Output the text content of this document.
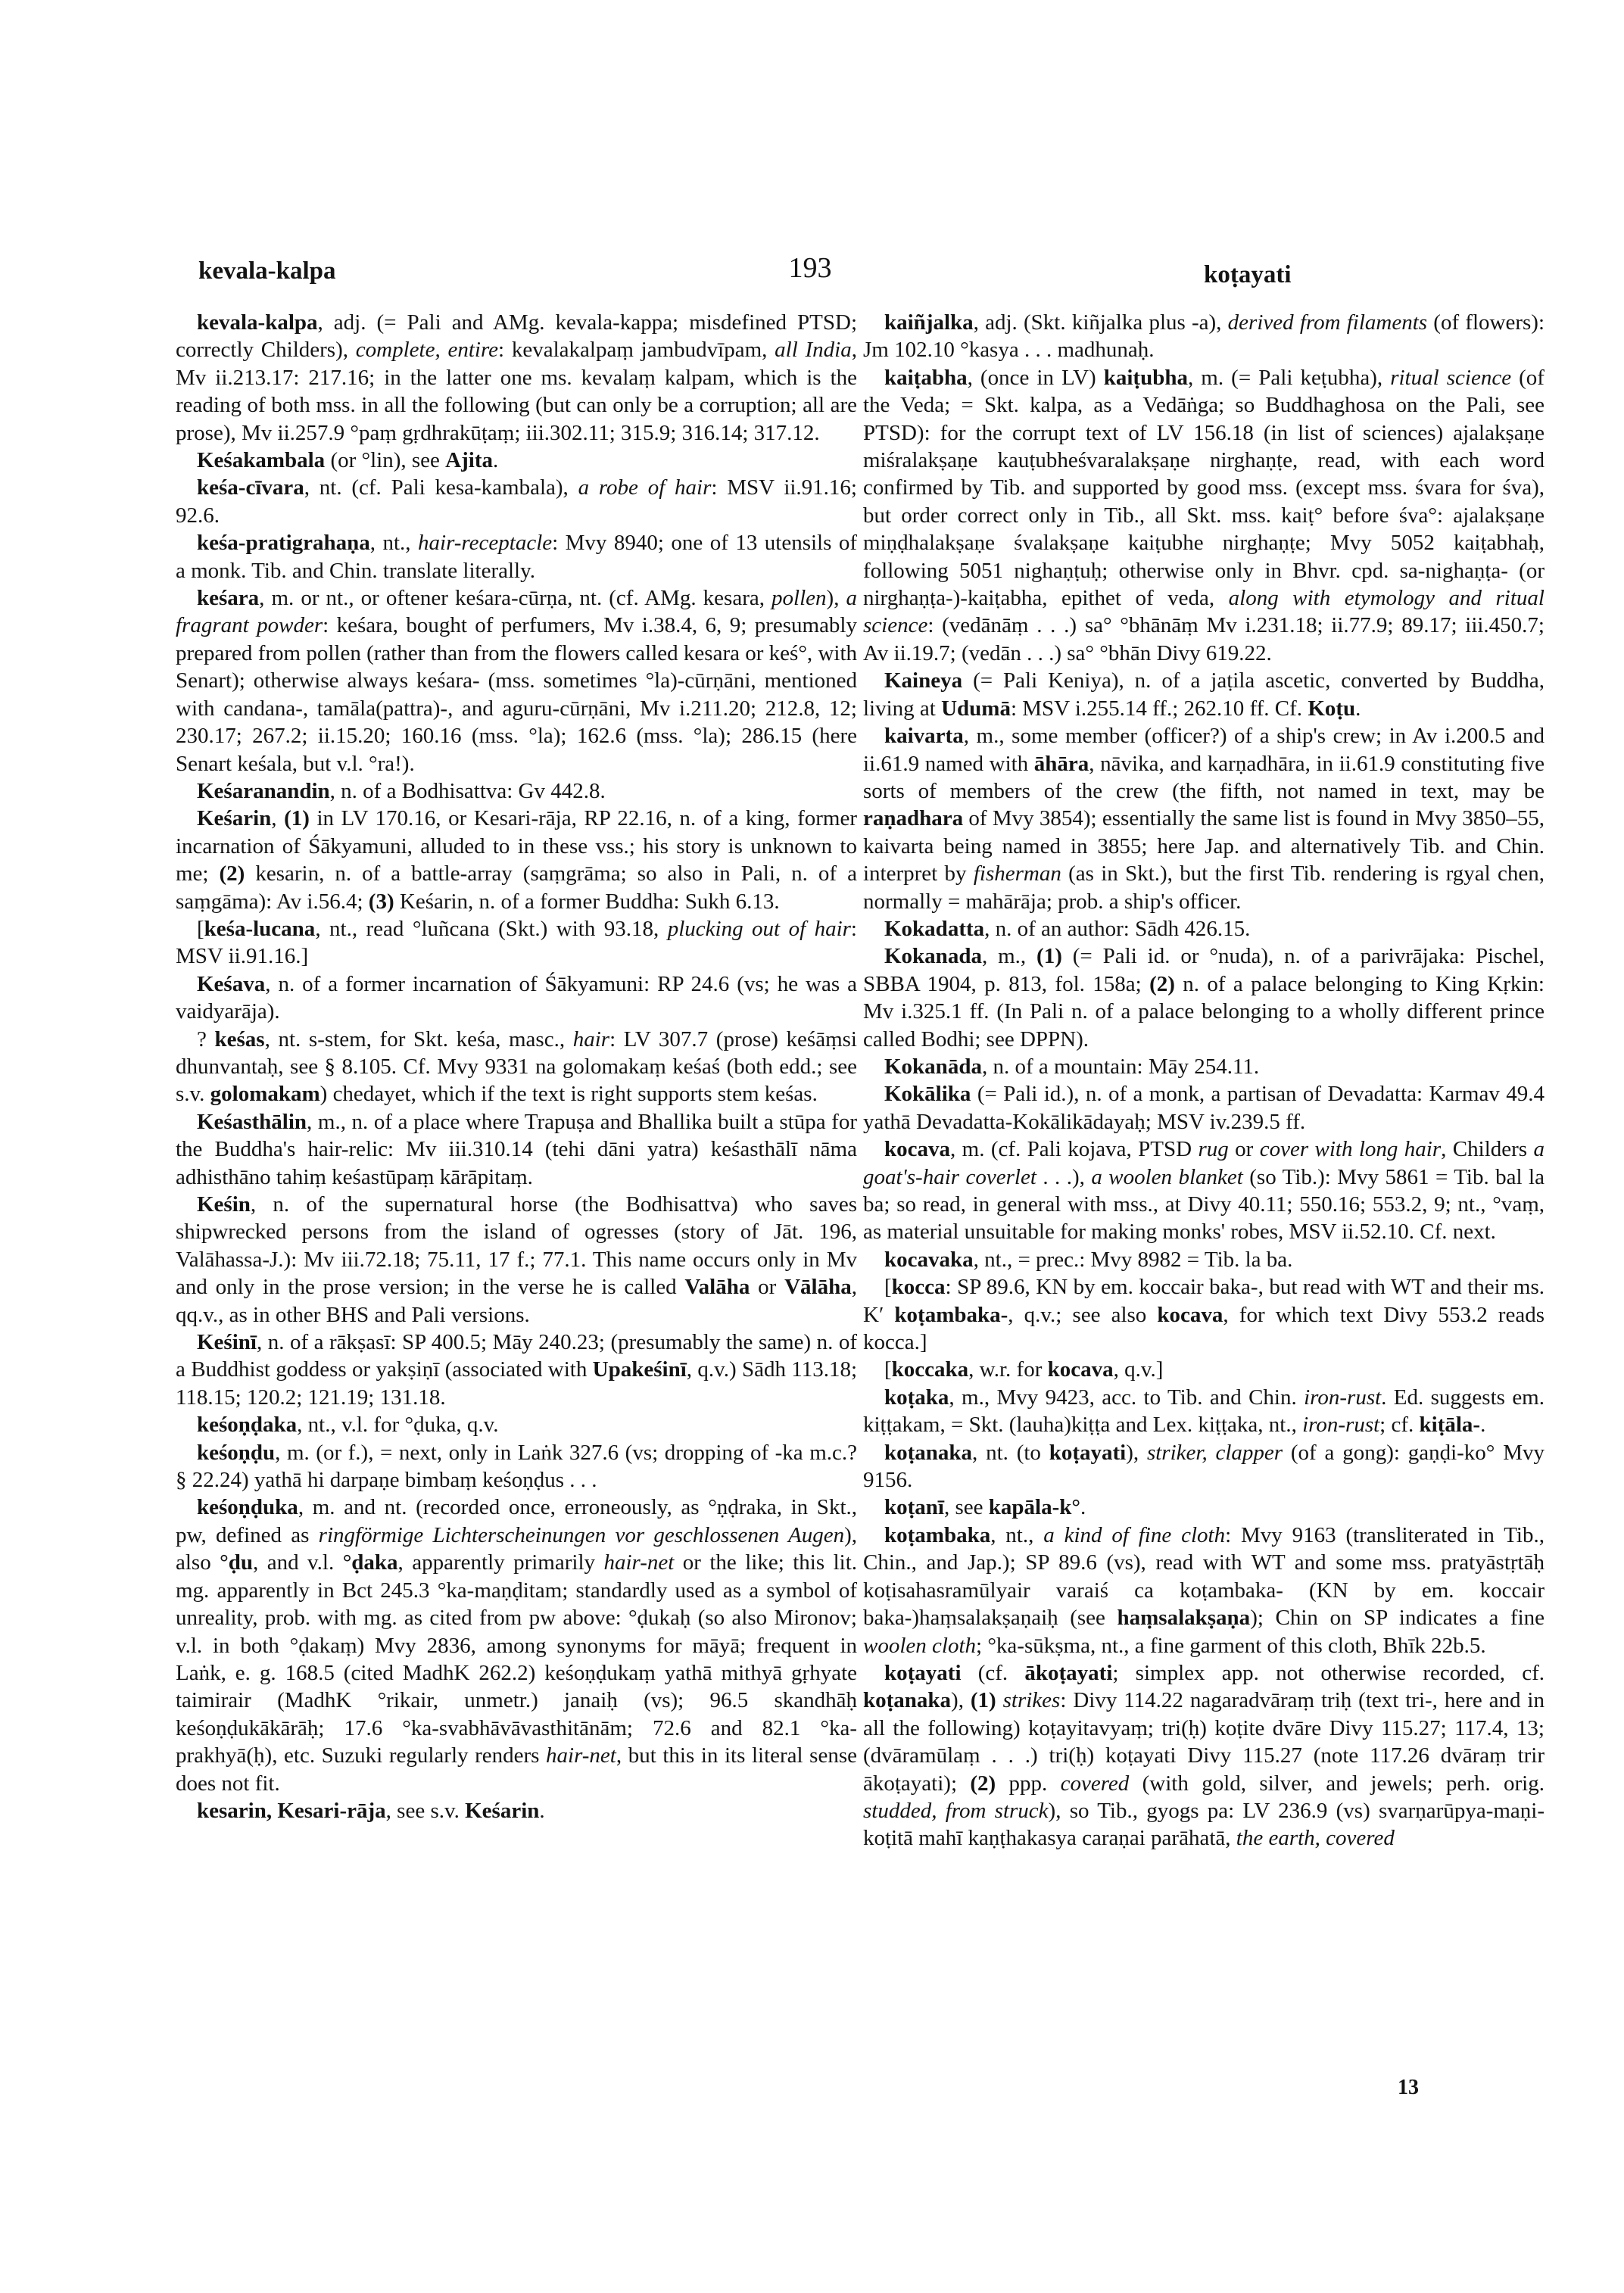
kevala-kalpa	193	koṭayati

kevala-kalpa, adj. (= Pali and AMg. kevala-kappa; misdefined PTSD; correctly Childers), complete, entire: kevalakalpaṃ jambudvīpam, all India, Mv ii.213.17: 217.16; in the latter one ms. kevalaṃ kalpam, which is the reading of both mss. in all the following (but can only be a corruption; all are prose), Mv ii.257.9 °paṃ gṛdhrakūṭaṃ; iii.302.11; 315.9; 316.14; 317.12.

Keśakambala (or °lin), see Ajita.

keśa-cīvara, nt. (cf. Pali kesa-kambala), a robe of hair: MSV ii.91.16; 92.6.

keśa-pratigrahaṇa, nt., hair-receptacle: Mvy 8940; one of 13 utensils of a monk. Tib. and Chin. translate literally.

keśara, m. or nt., or oftener keśara-cūrṇa, nt. (cf. AMg. kesara, pollen), a fragrant powder: keśara, bought of perfumers, Mv i.38.4, 6, 9; presumably prepared from pollen (rather than from the flowers called kesara or keś°, with Senart); otherwise always keśara- (mss. sometimes °la)-cūrṇāni, mentioned with candana-, tamāla(pattra)-, and aguru-cūrṇāni, Mv i.211.20; 212.8, 12; 230.17; 267.2; ii.15.20; 160.16 (mss. °la); 162.6 (mss. °la); 286.15 (here Senart keśala, but v.l. °ra!).

Keśaranandin, n. of a Bodhisattva: Gv 442.8.

Keśarin, (1) in LV 170.16, or Kesari-rāja, RP 22.16, n. of a king, former incarnation of Śākyamuni, alluded to in these vss.; his story is unknown to me; (2) kesarin, n. of a battle-array (saṃgrāma; so also in Pali, n. of a saṃgāma): Av i.56.4; (3) Keśarin, n. of a former Buddha: Sukh 6.13.

[keśa-lucana, nt., read °luñcana (Skt.) with 93.18, plucking out of hair: MSV ii.91.16.]

Keśava, n. of a former incarnation of Śākyamuni: RP 24.6 (vs; he was a vaidyarāja).

? keśas, nt. s-stem, for Skt. keśa, masc., hair: LV 307.7 (prose) keśāṃsi dhunvantaḥ, see § 8.105. Cf. Mvy 9331 na golomakaṃ keśaś (both edd.; see s.v. golomakam) chedayet, which if the text is right supports stem keśas.

Keśasthālin, m., n. of a place where Trapuṣa and Bhallika built a stūpa for the Buddha's hair-relic: Mv iii.310.14 (tehi dāni yatra) keśasthālī nāma adhisthāno tahiṃ keśastūpaṃ kārāpitaṃ.

Keśin, n. of the supernatural horse (the Bodhisattva) who saves shipwrecked persons from the island of ogresses (story of Jāt. 196, Valāhassa-J.): Mv iii.72.18; 75.11, 17 f.; 77.1. This name occurs only in Mv and only in the prose version; in the verse he is called Valāha or Vālāha, qq.v., as in other BHS and Pali versions.

Keśinī, n. of a rākṣasī: SP 400.5; Māy 240.23; (presumably the same) n. of a Buddhist goddess or yakṣiṇī (associated with Upakeśinī, q.v.) Sādh 113.18; 118.15; 120.2; 121.19; 131.18.

keśoṇḍaka, nt., v.l. for °ḍuka, q.v.

keśoṇḍu, m. (or f.), = next, only in Laṅk 327.6 (vs; dropping of -ka m.c.? § 22.24) yathā hi darpaṇe bimbaṃ keśoṇḍus . . .

keśoṇḍuka, m. and nt. (recorded once, erroneously, as °ṇḍraka, in Skt., pw, defined as ringförmige Lichterscheinungen vor geschlossenen Augen), also °ḍu, and v.l. °ḍaka, apparently primarily hair-net or the like; this lit. mg. apparently in Bct 245.3 °ka-maṇḍitam; standardly used as a symbol of unreality, prob. with mg. as cited from pw above: °ḍukaḥ (so also Mironov; v.l. in both °ḍakaṃ) Mvy 2836, among synonyms for māyā; frequent in Laṅk, e. g. 168.5 (cited MadhK 262.2) keśoṇḍukaṃ yathā mithyā gṛhyate taimirair (MadhK °rikair, unmetr.) janaiḥ (vs); 96.5 skandhāḥ keśoṇḍukākārāḥ; 17.6 °ka-svabhāvāvasthitānām; 72.6 and 82.1 °ka-prakhyā(ḥ), etc. Suzuki regularly renders hair-net, but this in its literal sense does not fit.

kesarin, Kesari-rāja, see s.v. Keśarin.

kaiñjalka, adj. (Skt. kiñjalka plus -a), derived from filaments (of flowers): Jm 102.10 °kasya . . . madhunaḥ.

kaiṭabha, (once in LV) kaiṭubha, m. (= Pali keṭubha), ritual science (of the Veda; = Skt. kalpa, as a Vedāṅga; so Buddhaghosa on the Pali, see PTSD): for the corrupt text of LV 156.18 (in list of sciences) ajalakṣaṇe miśralakṣaṇe kauṭubheśvaralakṣaṇe nirghaṇṭe, read, with each word confirmed by Tib. and supported by good mss. (except mss. śvara for śva), but order correct only in Tib., all Skt. mss. kaiṭ° before śva°: ajalakṣaṇe miṇḍhalakṣaṇe śvalakṣaṇe kaiṭubhe nirghaṇṭe; Mvy 5052 kaiṭabhaḥ, following 5051 nighaṇṭuḥ; otherwise only in Bhvr. cpd. sa-nighaṇṭa- (or nirghaṇṭa-)-kaiṭabha, epithet of veda, along with etymology and ritual science: (vedānāṃ . . .) sa° °bhānāṃ Mv i.231.18; ii.77.9; 89.17; iii.450.7; Av ii.19.7; (vedān . . .) sa° °bhān Divy 619.22.

Kaineya (= Pali Keniya), n. of a jaṭila ascetic, converted by Buddha, living at Udumā: MSV i.255.14 ff.; 262.10 ff. Cf. Koṭu.

kaivarta, m., some member (officer?) of a ship's crew; in Av i.200.5 and ii.61.9 named with āhāra, nāvika, and karṇadhāra, in ii.61.9 constituting five sorts of members of the crew (the fifth, not named in text, may be raṇadhara of Mvy 3854); essentially the same list is found in Mvy 3850–55, kaivarta being named in 3855; here Jap. and alternatively Tib. and Chin. interpret by fisherman (as in Skt.), but the first Tib. rendering is rgyal chen, normally = mahārāja; prob. a ship's officer.

Kokadatta, n. of an author: Sādh 426.15.

Kokanada, m., (1) (= Pali id. or °nuda), n. of a parivrājaka: Pischel, SBBA 1904, p. 813, fol. 158a; (2) n. of a palace belonging to King Kṛkin: Mv i.325.1 ff. (In Pali n. of a palace belonging to a wholly different prince called Bodhi; see DPPN).

Kokanāda, n. of a mountain: Māy 254.11.

Kokālika (= Pali id.), n. of a monk, a partisan of Devadatta: Karmav 49.4 yathā Devadatta-Kokālikādayaḥ; MSV iv.239.5 ff.

kocava, m. (cf. Pali kojava, PTSD rug or cover with long hair, Childers a goat's-hair coverlet . . .), a woolen blanket (so Tib.): Mvy 5861 = Tib. bal la ba; so read, in general with mss., at Divy 40.11; 550.16; 553.2, 9; nt., °vaṃ, as material unsuitable for making monks' robes, MSV ii.52.10. Cf. next.

kocavaka, nt., = prec.: Mvy 8982 = Tib. la ba.

[kocca: SP 89.6, KN by em. koccair baka-, but read with WT and their ms. K′ koṭambaka-, q.v.; see also kocava, for which text Divy 553.2 reads kocca.]

[koccaka, w.r. for kocava, q.v.]

koṭaka, m., Mvy 9423, acc. to Tib. and Chin. iron-rust. Ed. suggests em. kiṭṭakam, = Skt. (lauha)kiṭṭa and Lex. kiṭṭaka, nt., iron-rust; cf. kiṭāla-.

koṭanaka, nt. (to koṭayati), striker, clapper (of a gong): gaṇḍi-ko° Mvy 9156.

koṭanī, see kapāla-k°.

koṭambaka, nt., a kind of fine cloth: Mvy 9163 (transliterated in Tib., Chin., and Jap.); SP 89.6 (vs), read with WT and some mss. pratyāstṛtāḥ koṭisahasramūlyair varaiś ca koṭambaka- (KN by em. koccair baka-)haṃsalakṣaṇaiḥ (see haṃsalakṣaṇa); Chin on SP indicates a fine woolen cloth; °ka-sūkṣma, nt., a fine garment of this cloth, Bhīk 22b.5.

koṭayati (cf. ākoṭayati; simplex app. not otherwise recorded, cf. koṭanaka), (1) strikes: Divy 114.22 nagaradvāraṃ triḥ (text tri-, here and in all the following) koṭayitavyaṃ; tri(ḥ) koṭite dvāre Divy 115.27; 117.4, 13; (dvāramūlaṃ . . .) tri(ḥ) koṭayati Divy 115.27 (note 117.26 dvāraṃ trir ākoṭayati); (2) ppp. covered (with gold, silver, and jewels; perh. orig. studded, from struck), so Tib., gyogs pa: LV 236.9 (vs) svarṇarūpya-maṇi-koṭitā mahī kaṇṭhakasya caraṇai parāhatā, the earth, covered

13
